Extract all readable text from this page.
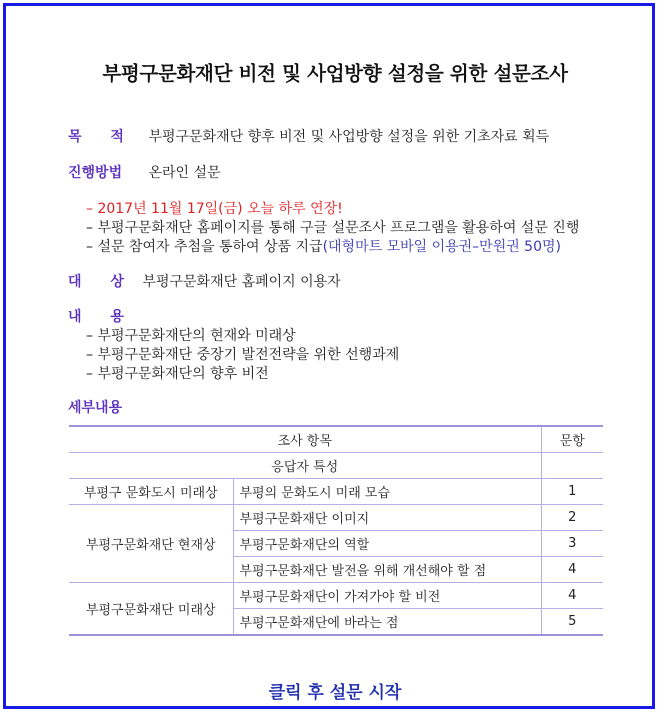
부평구문화재단 비전 및 사업방향 설정을 위한 설문조사
목 적 부평구문화재단 향후 비전 및 사업방향 설정을 위한 기초자료 획득
진행방법 온라인 설문
– 2017년 11월 17일(금) 오늘 하루 연장!
– 부평구문화재단 홈페이지를 통해 구글 설문조사 프로그램을 활용하여 설문 진행
– 설문 참여자 추첨을 통하여 상품 지급(대형마트 모바일 이용권–만원권 50명)
대 상 부평구문화재단 홈페이지 이용자
내 용
– 부평구문화재단의 현재와 미래상
– 부평구문화재단 중장기 발전전략을 위한 선행과제
– 부평구문화재단의 향후 비전
세부내용
조사 항목		문항
응답자 특성		
부평구 문화도시 미래상	부평의 문화도시 미래 모습	1
부평구문화재단 현재상	부평구문화재단 이미지	2
	부평구문화재단의 역할	3
	부평구문화재단 발전을 위해 개선해야 할 점	4
부평구문화재단 미래상	부평구문화재단이 가져가야 할 비전	4
	부평구문화재단에 바라는 점	5
클릭 후 설문 시작
